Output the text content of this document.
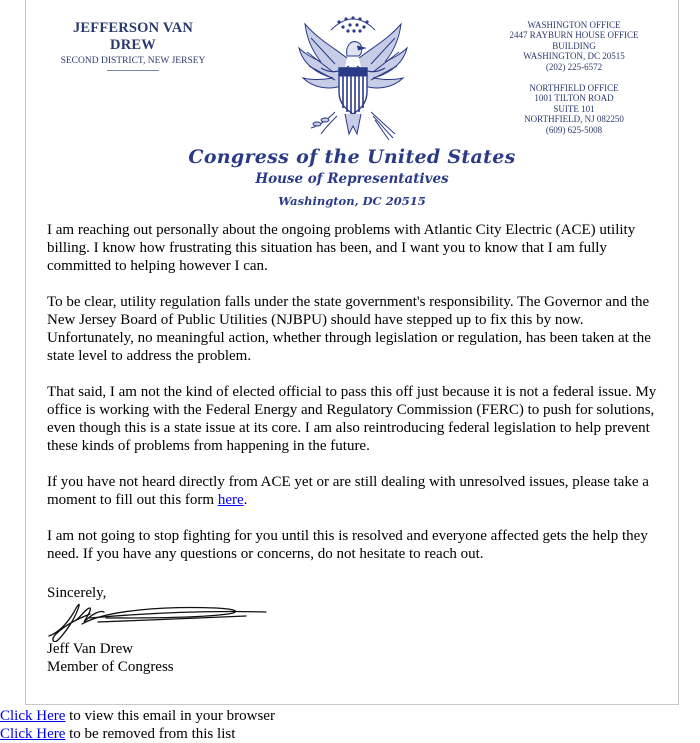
JEFFERSON VAN DREW
SECOND DISTRICT, NEW JERSEY
WASHINGTON OFFICE
2447 RAYBURN HOUSE OFFICE
BUILDING
WASHINGTON, DC 20515
(202) 225-6572
NORTHFIELD OFFICE
1001 TILTON ROAD
SUITE 101
NORTHFIELD, NJ 082250
(609) 625-5008
Congress of the United States
House of Representatives
Washington, DC 20515

I am reaching out personally about the ongoing problems with Atlantic City Electric (ACE) utility billing. I know how frustrating this situation has been, and I want you to know that I am fully committed to helping however I can.

To be clear, utility regulation falls under the state government's responsibility. The Governor and the New Jersey Board of Public Utilities (NJBPU) should have stepped up to fix this by now. Unfortunately, no meaningful action, whether through legislation or regulation, has been taken at the state level to address the problem.

That said, I am not the kind of elected official to pass this off just because it is not a federal issue. My office is working with the Federal Energy and Regulatory Commission (FERC) to push for solutions, even though this is a state issue at its core. I am also reintroducing federal legislation to help prevent these kinds of problems from happening in the future.

If you have not heard directly from ACE yet or are still dealing with unresolved issues, please take a moment to fill out this form here.

I am not going to stop fighting for you until this is resolved and everyone affected gets the help they need. If you have any questions or concerns, do not hesitate to reach out.

Sincerely,
Jeff Van Drew
Member of Congress
Click Here to view this email in your browser
Click Here to be removed from this list
